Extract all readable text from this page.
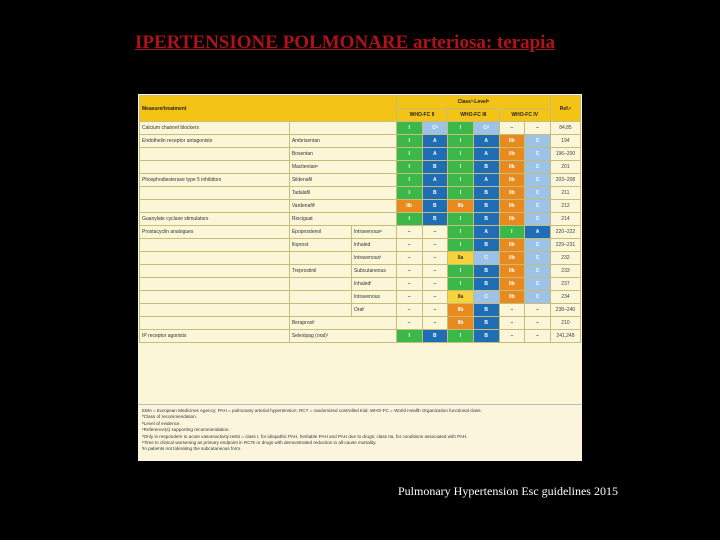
IPERTENSIONE POLMONARE arteriosa: terapia
Measure/treatment			Classª-Levelᵇ						Ref.ᶜ
			WHO-FC II		WHO-FC III		WHO-FC IV		
Calcium channel blockers			I	Cᵈ	I	Cᵈ	–	–	84,85
Endothelin receptor antagonists	Ambrisentan		I	A	I	A	IIb	C	194
	Bosentan		I	A	I	A	IIb	C	196–200
	Macitentanᵉ		I	B	I	B	IIb	C	201
Phosphodiesterase type 5 inhibitors	Sildenafil		I	A	I	A	IIb	C	203–208
	Tadalafil		I	B	I	B	IIb	C	211
	Vardenafilᶠ		IIb	B	IIb	B	IIb	C	212
Guanylate cyclase stimulators	Riociguat		I	B	I	B	IIb	C	214
Prostacyclin analogues	Epoprostenol	Intravenousᵉ	–	–	I	A	I	A	220–222
	Iloprost	Inhaled	–	–	I	B	IIb	C	229–231
		Intravenousᶠ	–	–	IIa	C	IIb	C	232
	Treprostinil	Subcutaneous	–	–	I	B	IIb	C	233
		Inhaledᶠ	–	–	I	B	IIb	C	237
		Intravenous	–	–	IIa	C	IIb	C	234
		Oralᶠ	–	–	IIb	B	–	–	238–240
	Beraprostᶠ		–	–	IIb	B	–	–	210
IP receptor agonists	Selexipag (oral)ᶠ		I	B	I	B	–	–	241,248
EMA = European Medicines Agency; PAH = pulmonary arterial hypertension; RCT = randomized controlled trial; WHO-FC = World Health Organization functional class.
ªClass of recommendation.
ᵇLevel of evidence.
ᶜReference(s) supporting recommendation.
ᵈOnly in responders to acute vasoreactivity tests = class I, for idiopathic PAH, heritable PAH and PAH due to drugs; class IIa, for conditions associated with PAH.
ᵉTime to clinical worsening as primary endpoint in RCTs or drugs with demonstrated reduction in all-cause mortality.
ᶠIn patients not tolerating the subcutaneous form.
Pulmonary Hypertension Esc guidelines 2015
